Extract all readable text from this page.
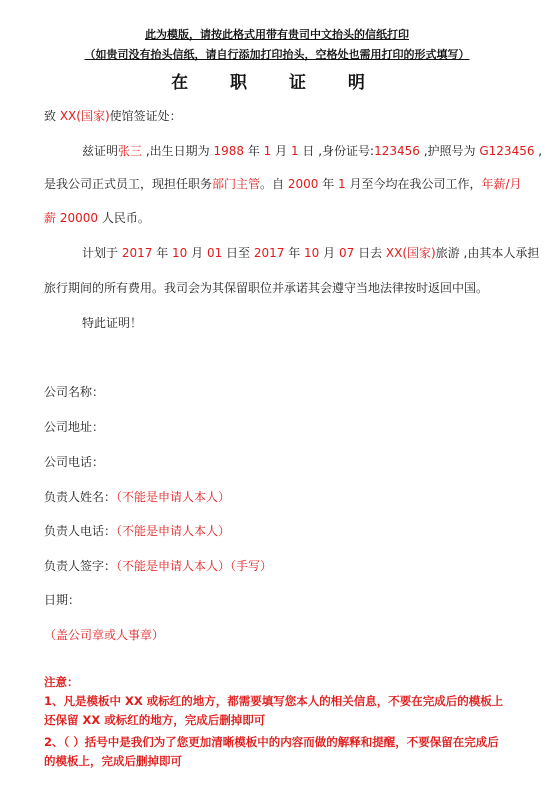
此为模版，请按此格式用带有贵司中文抬头的信纸打印
（如贵司没有抬头信纸，请自行添加打印抬头，空格处也需用打印的形式填写）
在 职 证 明
致 XX(国家)使馆签证处：
兹证明张三 ,出生日期为 1988 年 1 月 1 日 ,身份证号:123456 ,护照号为 G123456 ,
是我公司正式员工，现担任职务部门主管。自 2000 年 1 月至今均在我公司工作，年薪/月
薪 20000 人民币。
计划于 2017 年 10 月 01 日至 2017 年 10 月 07 日去 XX(国家)旅游 ,由其本人承担
旅行期间的所有费用。我司会为其保留职位并承诺其会遵守当地法律按时返回中国。
特此证明！
公司名称：
公司地址：
公司电话：
负责人姓名：（不能是申请人本人）
负责人电话：（不能是申请人本人）
负责人签字：（不能是申请人本人）（手写）
日期：
（盖公司章或人事章）
注意：
1、凡是模板中 XX 或标红的地方，都需要填写您本人的相关信息，不要在完成后的模板上
还保留 XX 或标红的地方，完成后删掉即可
2、（ ）括号中是我们为了您更加清晰模板中的内容而做的解释和提醒，不要保留在完成后
的模板上，完成后删掉即可
